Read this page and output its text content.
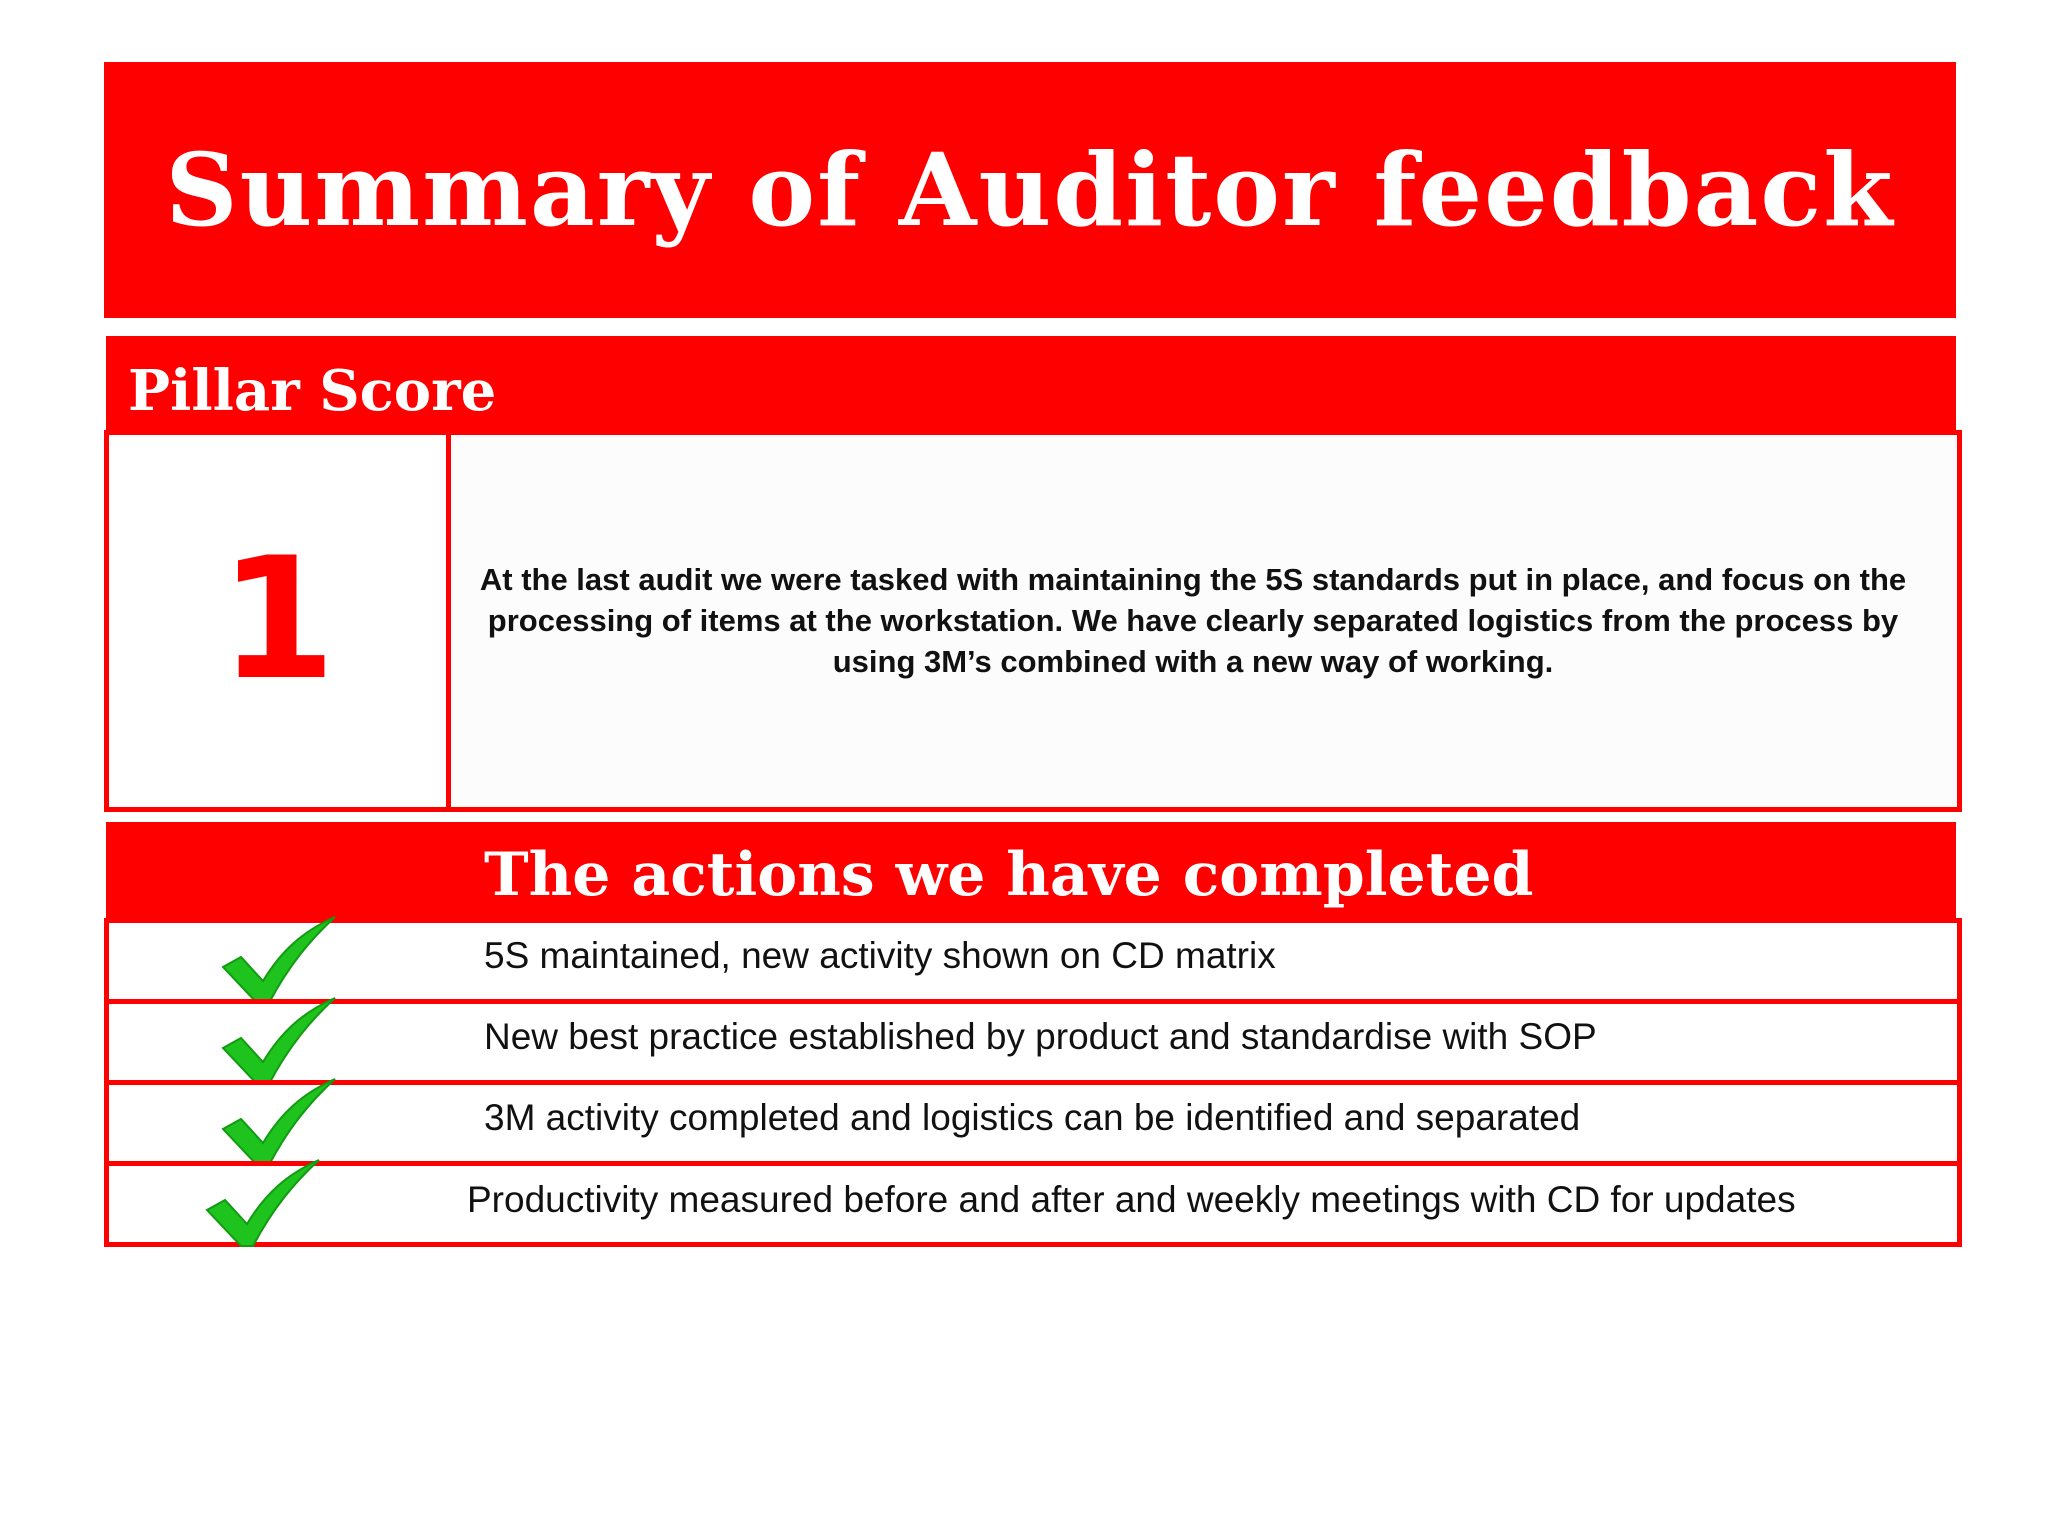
Summary of Auditor feedback
Pillar Score
1	At the last audit we were tasked with maintaining the 5S standards put in place, and focus on the processing of items at the workstation. We have clearly separated logistics from the process by using 3M’s combined with a new way of working.
The actions we have completed
5S maintained, new activity shown on CD matrix
New best practice established by product and standardise with SOP
3M activity completed and logistics can be identified and separated
Productivity measured before and after and weekly meetings with CD for updates
